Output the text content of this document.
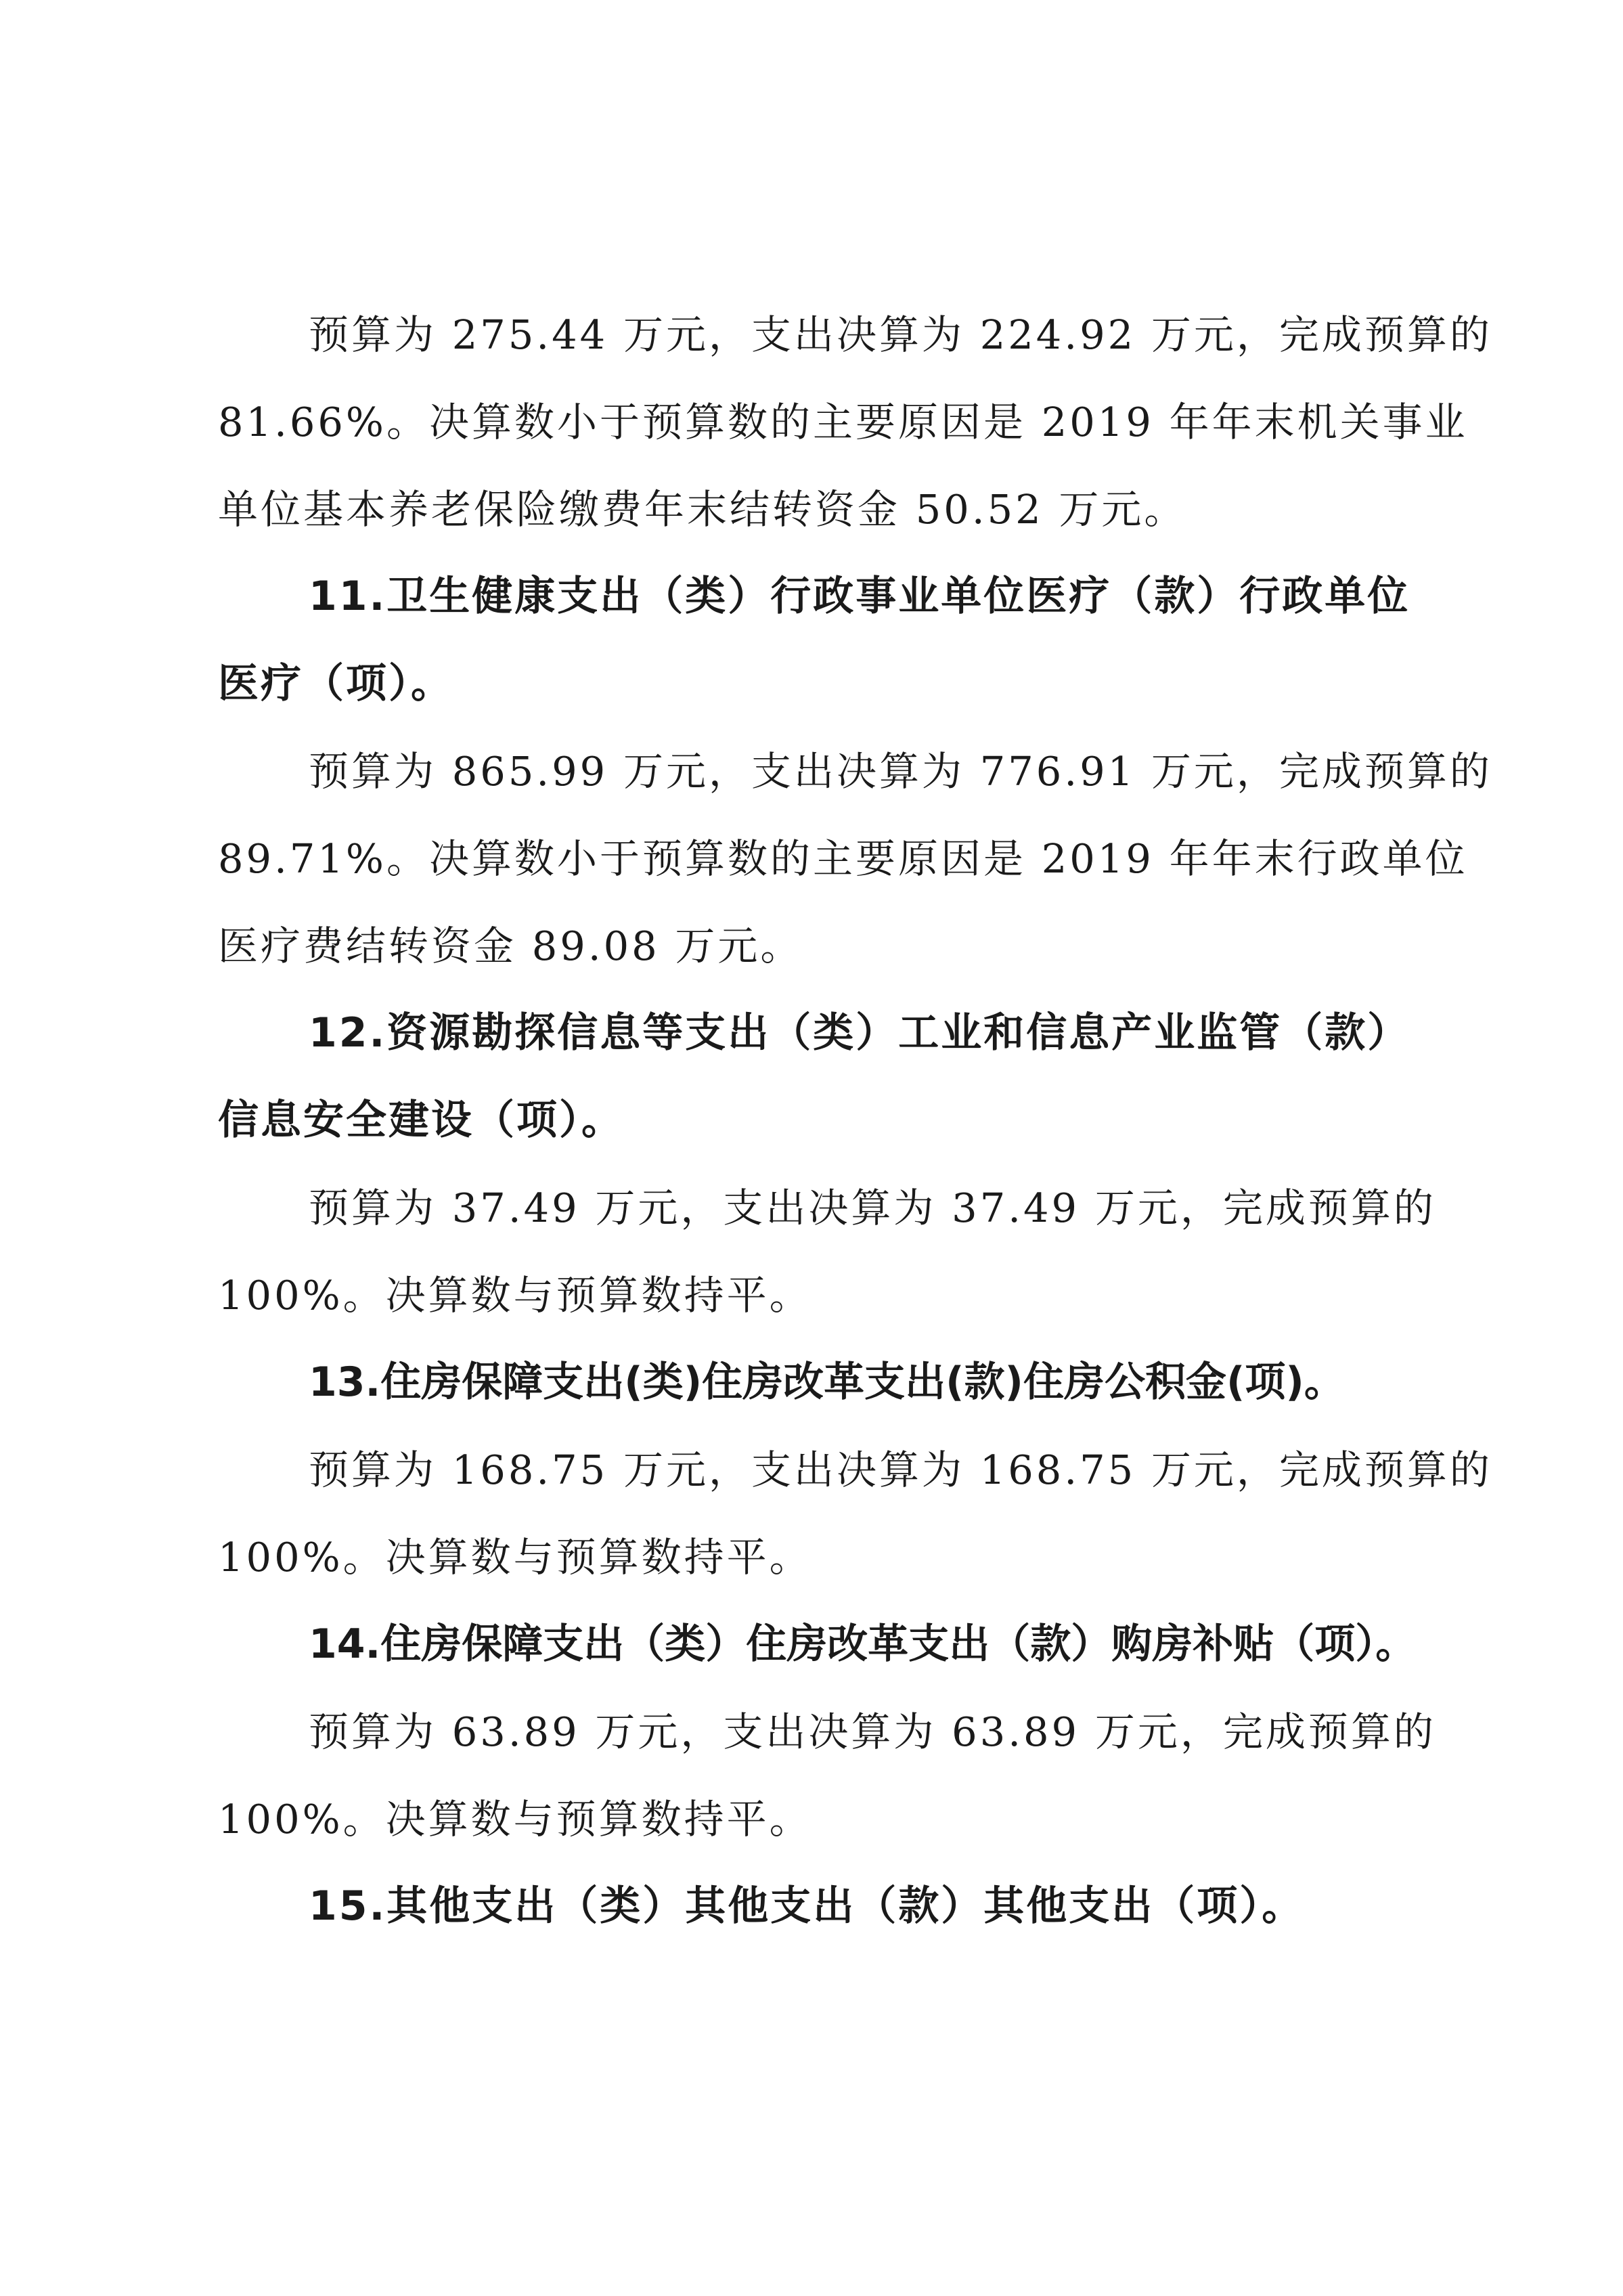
预算为 275.44 万元，支出决算为 224.92 万元，完成预算的
81.66%。决算数小于预算数的主要原因是 2019 年年末机关事业
单位基本养老保险缴费年末结转资金 50.52 万元。
11.卫生健康支出（类）行政事业单位医疗（款）行政单位
医疗（项）。
预算为 865.99 万元，支出决算为 776.91 万元，完成预算的
89.71%。决算数小于预算数的主要原因是 2019 年年末行政单位
医疗费结转资金 89.08 万元。
12.资源勘探信息等支出（类）工业和信息产业监管（款）
信息安全建设（项）。
预算为 37.49 万元，支出决算为 37.49 万元，完成预算的
100%。决算数与预算数持平。
13.住房保障支出(类)住房改革支出(款)住房公积金(项)。
预算为 168.75 万元，支出决算为 168.75 万元，完成预算的
100%。决算数与预算数持平。
14.住房保障支出（类）住房改革支出（款）购房补贴（项）。
预算为 63.89 万元，支出决算为 63.89 万元，完成预算的
100%。决算数与预算数持平。
15.其他支出（类）其他支出（款）其他支出（项）。
